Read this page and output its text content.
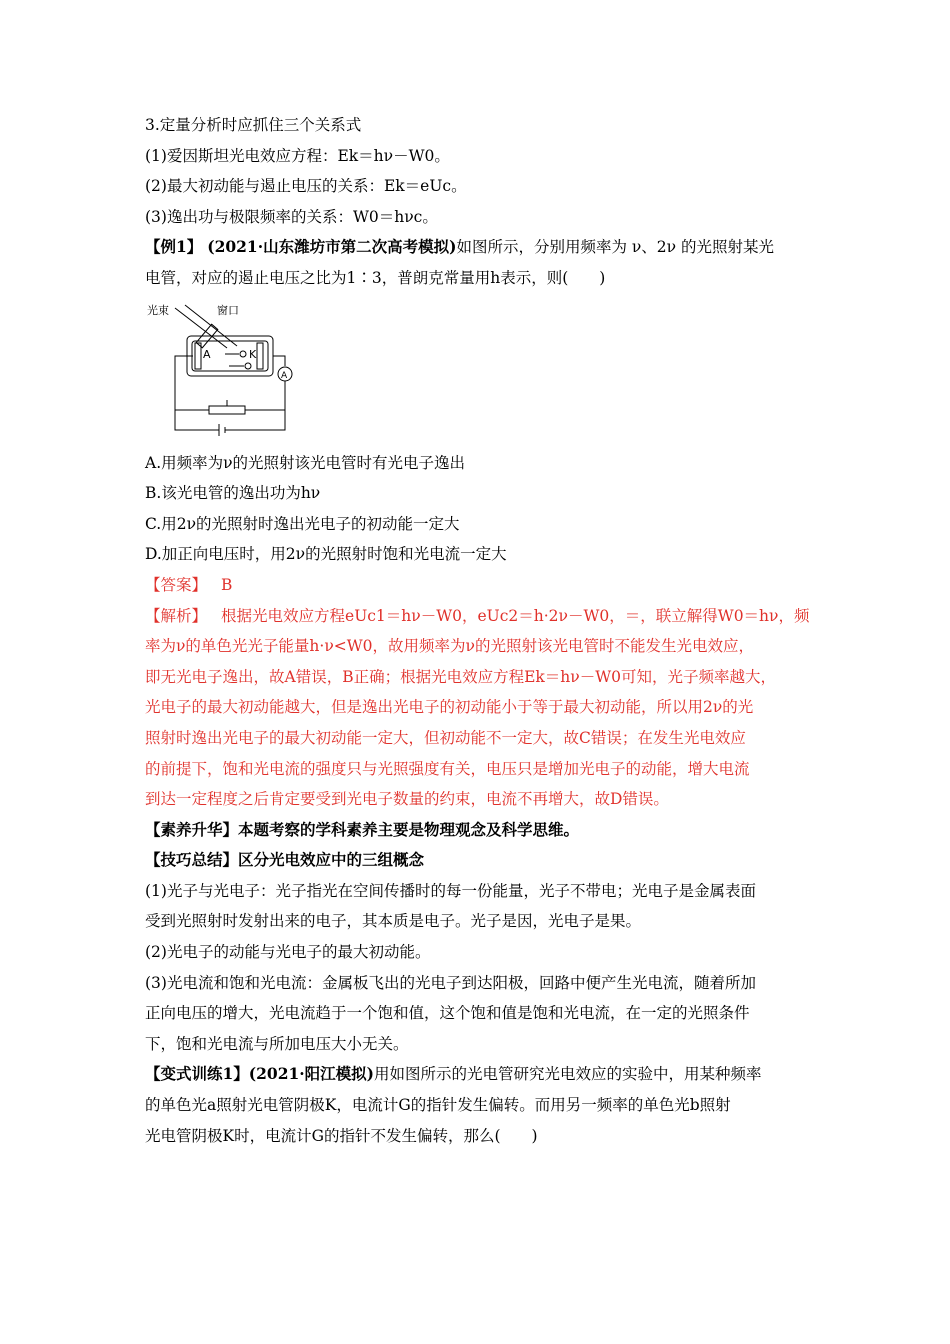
3.定量分析时应抓住三个关系式
(1)爱因斯坦光电效应方程：Ek＝hν－W0。
(2)最大初动能与遏止电压的关系：Ek＝eUc。
(3)逸出功与极限频率的关系：W0＝hνc。
【例1】 (2021·山东潍坊市第二次高考模拟)如图所示，分别用频率为 ν、2ν 的光照射某光
电管，对应的遏止电压之比为1∶3，普朗克常量用h表示，则(　　)
光束	窗口
A	K
A
A.用频率为ν的光照射该光电管时有光电子逸出
B.该光电管的逸出功为hν
C.用2ν的光照射时逸出光电子的初动能一定大
D.加正向电压时，用2ν的光照射时饱和光电流一定大
【答案】 B
【解析】 根据光电效应方程eUc1＝hν－W0，eUc2＝h·2ν－W0，＝，联立解得W0＝hν，频
率为ν的单色光光子能量h·ν<W0，故用频率为ν的光照射该光电管时不能发生光电效应，
即无光电子逸出，故A错误，B正确；根据光电效应方程Ek＝hν－W0可知，光子频率越大，
光电子的最大初动能越大，但是逸出光电子的初动能小于等于最大初动能，所以用2ν的光
照射时逸出光电子的最大初动能一定大，但初动能不一定大，故C错误；在发生光电效应
的前提下，饱和光电流的强度只与光照强度有关，电压只是增加光电子的动能，增大电流
到达一定程度之后肯定要受到光电子数量的约束，电流不再增大，故D错误。
【素养升华】本题考察的学科素养主要是物理观念及科学思维。
【技巧总结】区分光电效应中的三组概念
(1)光子与光电子：光子指光在空间传播时的每一份能量，光子不带电；光电子是金属表面
受到光照射时发射出来的电子，其本质是电子。光子是因，光电子是果。
(2)光电子的动能与光电子的最大初动能。
(3)光电流和饱和光电流：金属板飞出的光电子到达阳极，回路中便产生光电流，随着所加
正向电压的增大，光电流趋于一个饱和值，这个饱和值是饱和光电流，在一定的光照条件
下，饱和光电流与所加电压大小无关。
【变式训练1】(2021·阳江模拟)用如图所示的光电管研究光电效应的实验中，用某种频率
的单色光a照射光电管阴极K，电流计G的指针发生偏转。而用另一频率的单色光b照射
光电管阴极K时，电流计G的指针不发生偏转，那么(　　)
